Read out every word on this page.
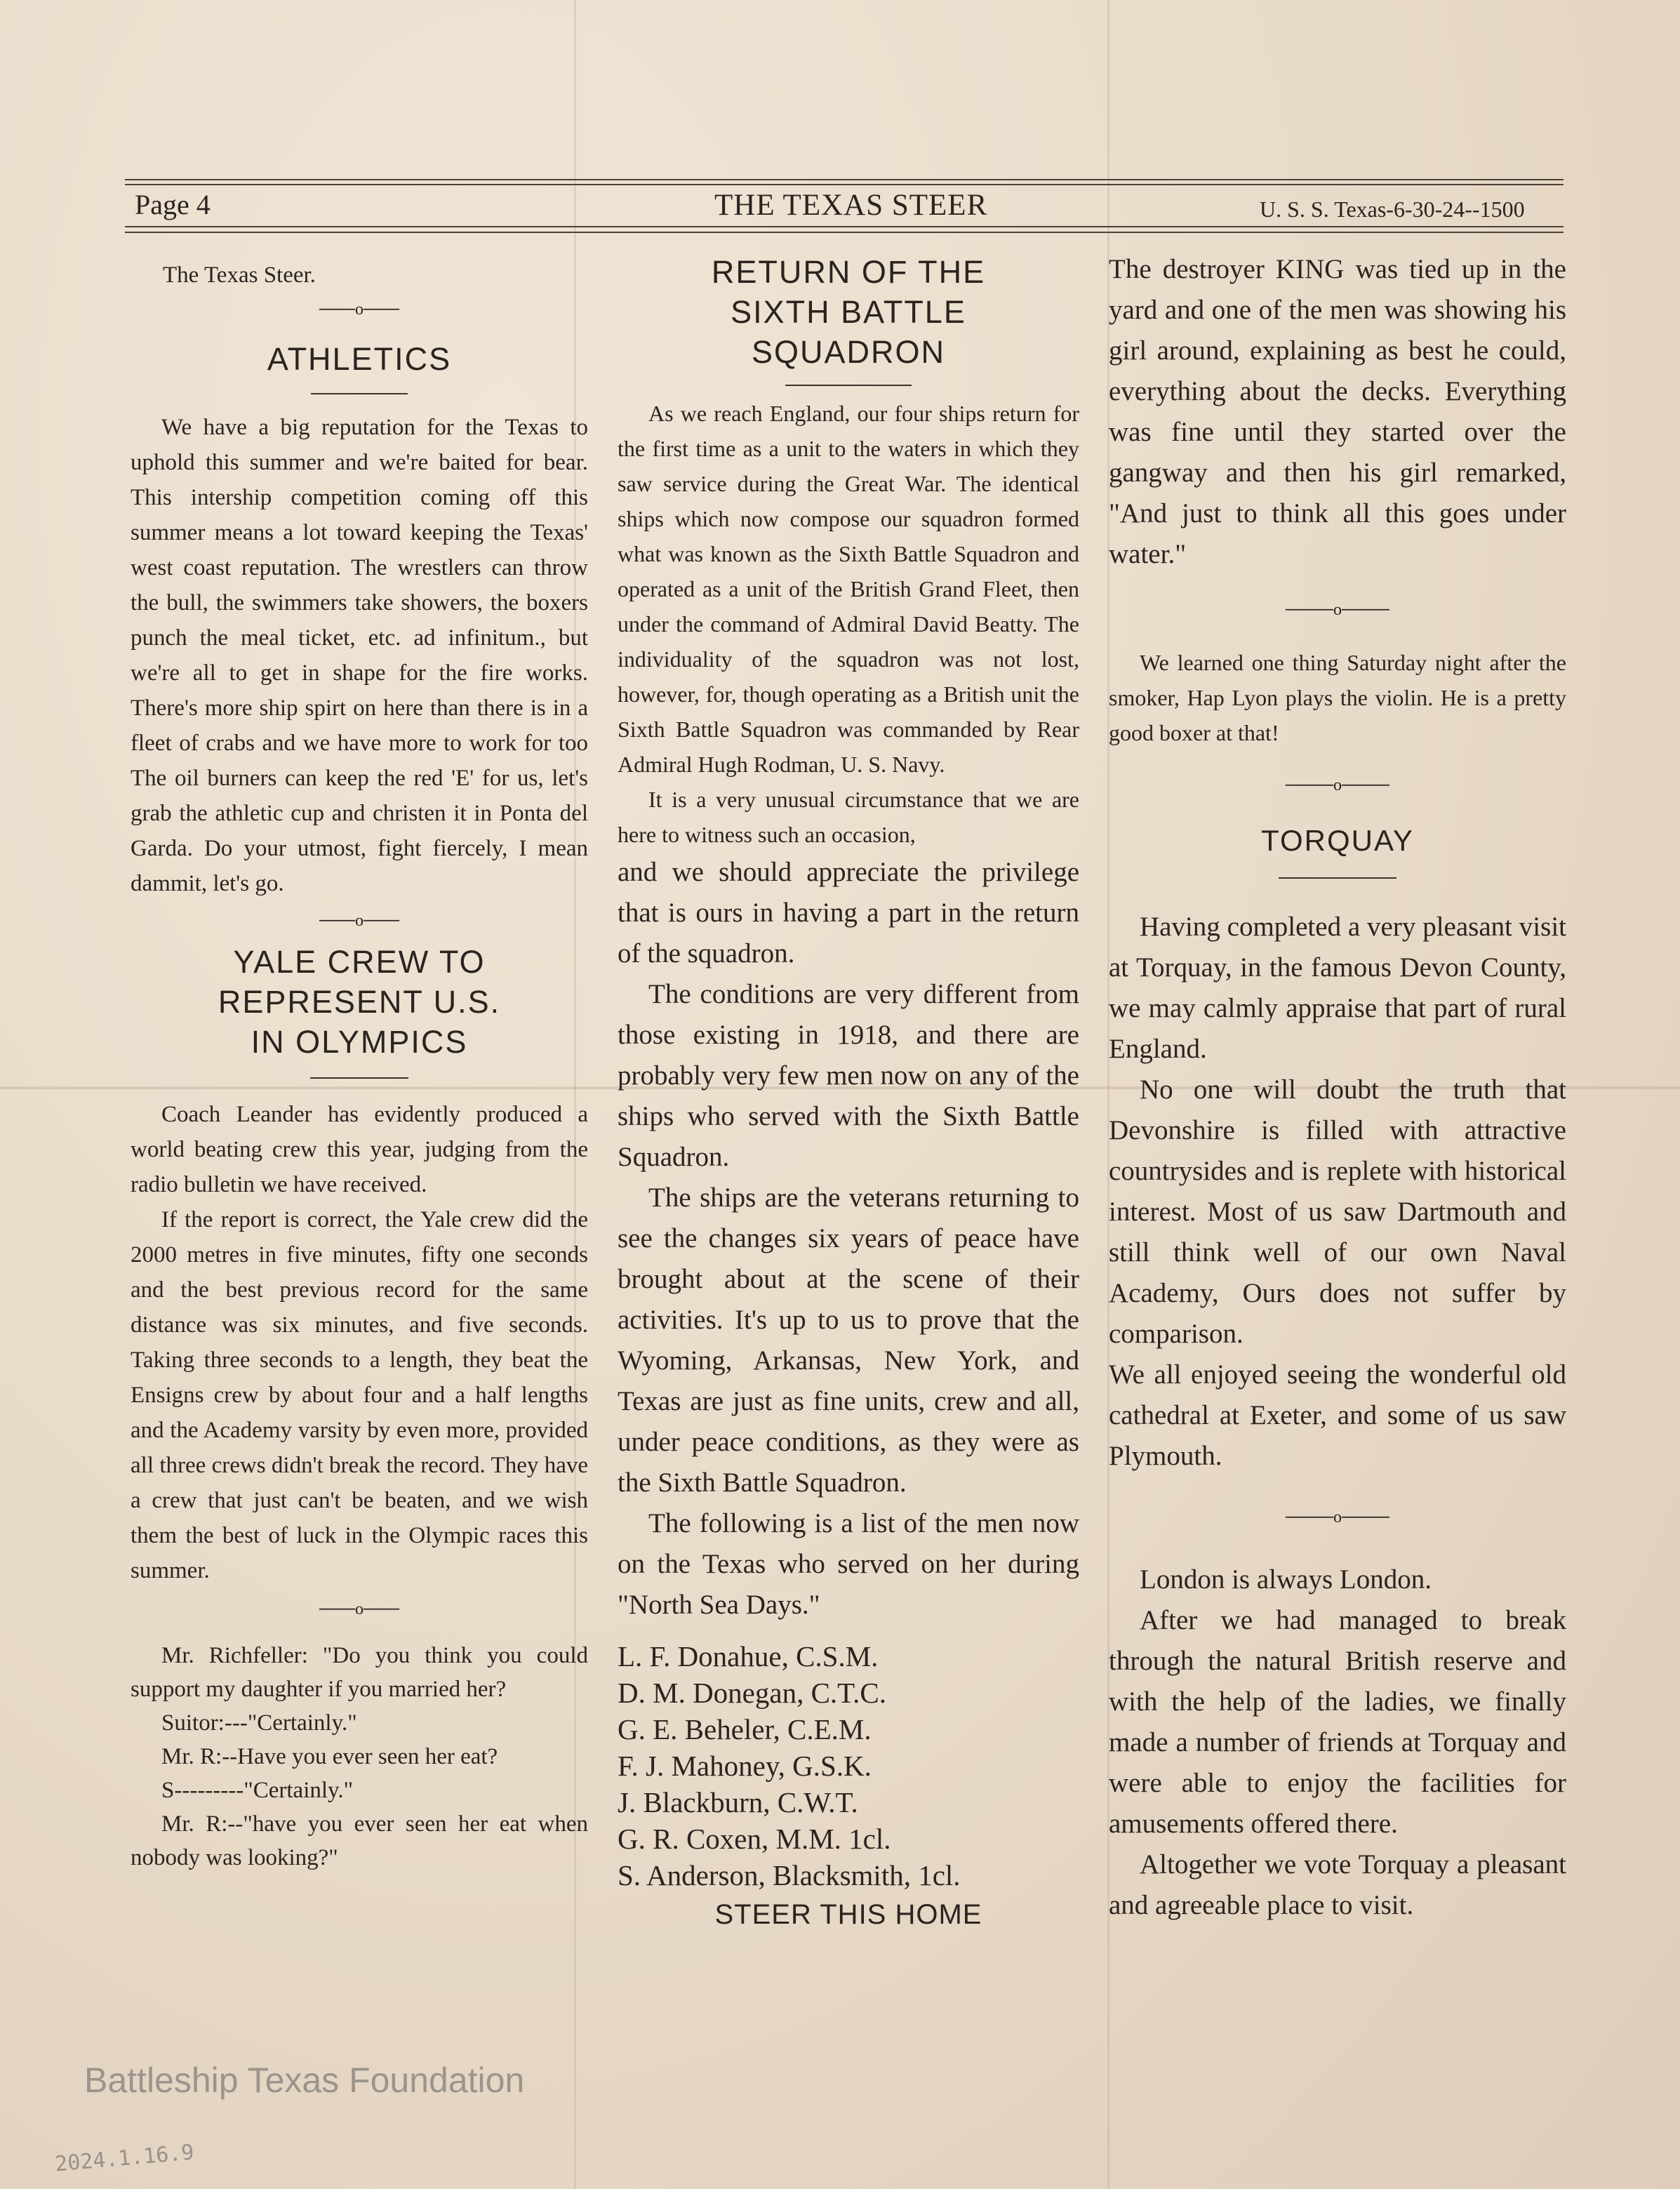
Page 4	THE TEXAS STEER	U. S. S. Texas-6-30-24--1500

The Texas Steer.

───o───

ATHLETICS

We have a big reputation for the Texas to uphold this summer and we're baited for bear. This intership competition coming off this summer means a lot toward keeping the Texas' west coast reputation. The wrestlers can throw the bull, the swimmers take showers, the boxers punch the meal ticket, etc. ad infinitum., but we're all to get in shape for the fire works. There's more ship spirt on here than there is in a fleet of crabs and we have more to work for too The oil burners can keep the red 'E' for us, let's grab the athletic cup and christen it in Ponta del Garda. Do your utmost, fight fiercely, I mean dammit, let's go.

───o───

YALE CREW TO
REPRESENT U.S.
IN OLYMPICS

Coach Leander has evidently produced a world beating crew this year, judging from the radio bulletin we have received.

If the report is correct, the Yale crew did the 2000 metres in five minutes, fifty one seconds and the best previous record for the same distance was six minutes, and five seconds. Taking three seconds to a length, they beat the Ensigns crew by about four and a half lengths and the Academy varsity by even more, provided all three crews didn't break the record. They have a crew that just can't be beaten, and we wish them the best of luck in the Olympic races this summer.

───o───

Mr. Richfeller: "Do you think you could support my daughter if you married her?

Suitor:---"Certainly."

Mr. R:--Have you ever seen her eat?

S---------"Certainly."

Mr. R:--"have you ever seen her eat when nobody was looking?"

RETURN OF THE
SIXTH BATTLE
SQUADRON

As we reach England, our four ships return for the first time as a unit to the waters in which they saw service during the Great War. The identical ships which now compose our squadron formed what was known as the Sixth Battle Squadron and operated as a unit of the British Grand Fleet, then under the command of Admiral David Beatty. The individuality of the squadron was not lost, however, for, though operating as a British unit the Sixth Battle Squadron was commanded by Rear Admiral Hugh Rodman, U. S. Navy.

It is a very unusual circumstance that we are here to witness such an occasion,

and we should appreciate the privilege that is ours in having a part in the return of the squadron.

The conditions are very different from those existing in 1918, and there are probably very few men now on any of the ships who served with the Sixth Battle Squadron.

The ships are the veterans returning to see the changes six years of peace have brought about at the scene of their activities. It's up to us to prove that the Wyoming, Arkansas, New York, and Texas are just as fine units, crew and all, under peace conditions, as they were as the Sixth Battle Squadron.

The following is a list of the men now on the Texas who served on her during "North Sea Days."

L. F. Donahue, C.S.M.

D. M. Donegan, C.T.C.

G. E. Beheler, C.E.M.

F. J. Mahoney, G.S.K.

J. Blackburn, C.W.T.

G. R. Coxen, M.M. 1cl.

S. Anderson, Blacksmith, 1cl.

STEER THIS HOME

The destroyer KING was tied up in the yard and one of the men was showing his girl around, explaining as best he could, everything about the decks. Everything was fine until they started over the gangway and then his girl remarked, "And just to think all this goes under water."

────o────

We learned one thing Saturday night after the smoker, Hap Lyon plays the violin. He is a pretty good boxer at that!

────o────

TORQUAY

Having completed a very pleasant visit at Torquay, in the famous Devon County, we may calmly appraise that part of rural England.

No one will doubt the truth that Devonshire is filled with attractive countrysides and is replete with historical interest. Most of us saw Dartmouth and still think well of our own Naval Academy, Ours does not suffer by comparison.

We all enjoyed seeing the wonderful old cathedral at Exeter, and some of us saw Plymouth.

────o────

London is always London.

After we had managed to break through the natural British reserve and with the help of the ladies, we finally made a number of friends at Torquay and were able to enjoy the facilities for amusements offered there.

Altogether we vote Torquay a pleasant and agreeable place to visit.

Battleship Texas Foundation
2024.1.16.9
